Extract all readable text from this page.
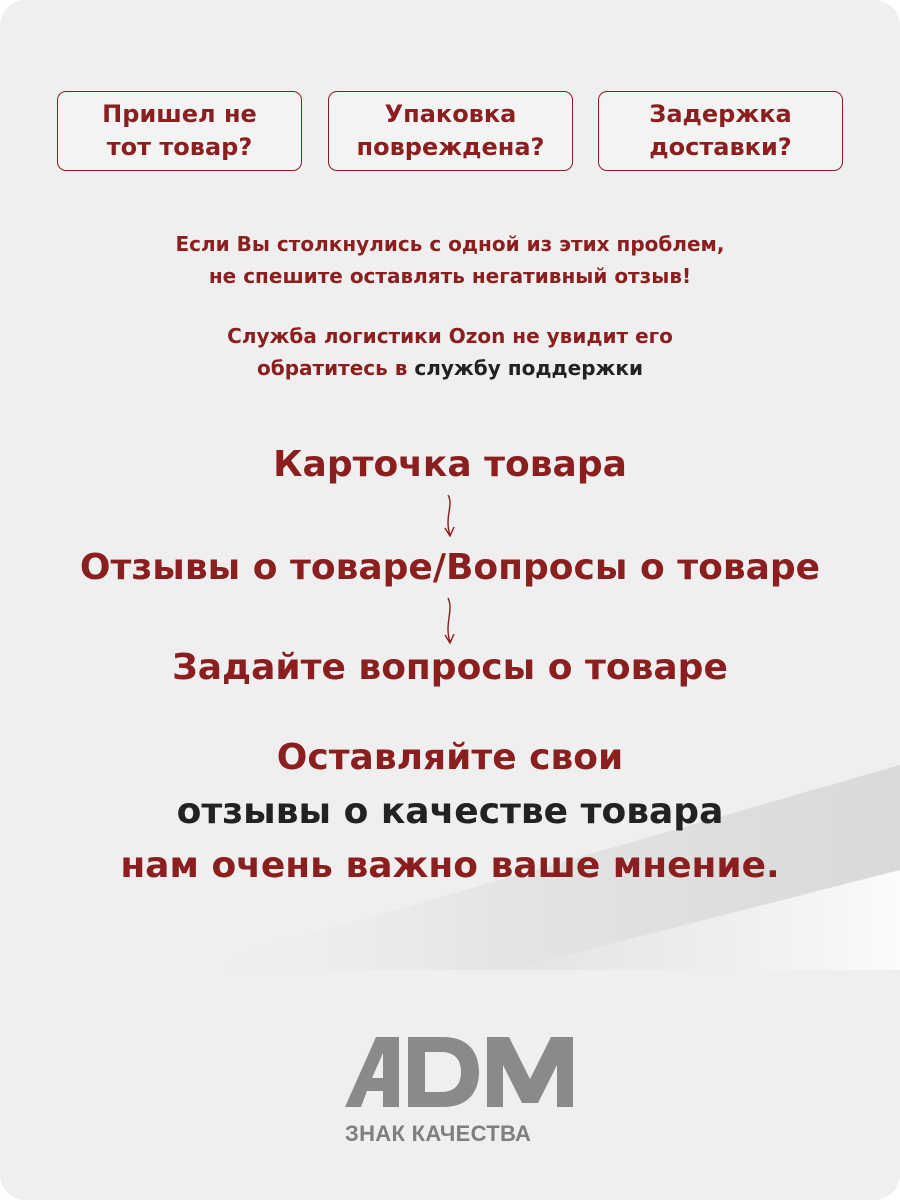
Пришел не
тот товар?
Упаковка
повреждена?
Задержка
доставки?
Если Вы столкнулись с одной из этих проблем,
не спешите оставлять негативный отзыв!
Служба логистики Ozon не увидит его
обратитесь в службу поддержки
Карточка товара
Отзывы о товаре/Вопросы о товаре
Задайте вопросы о товаре
Оставляйте свои
отзывы о качестве товара
нам очень важно ваше мнение.
ЗНАК КАЧЕСТВА
